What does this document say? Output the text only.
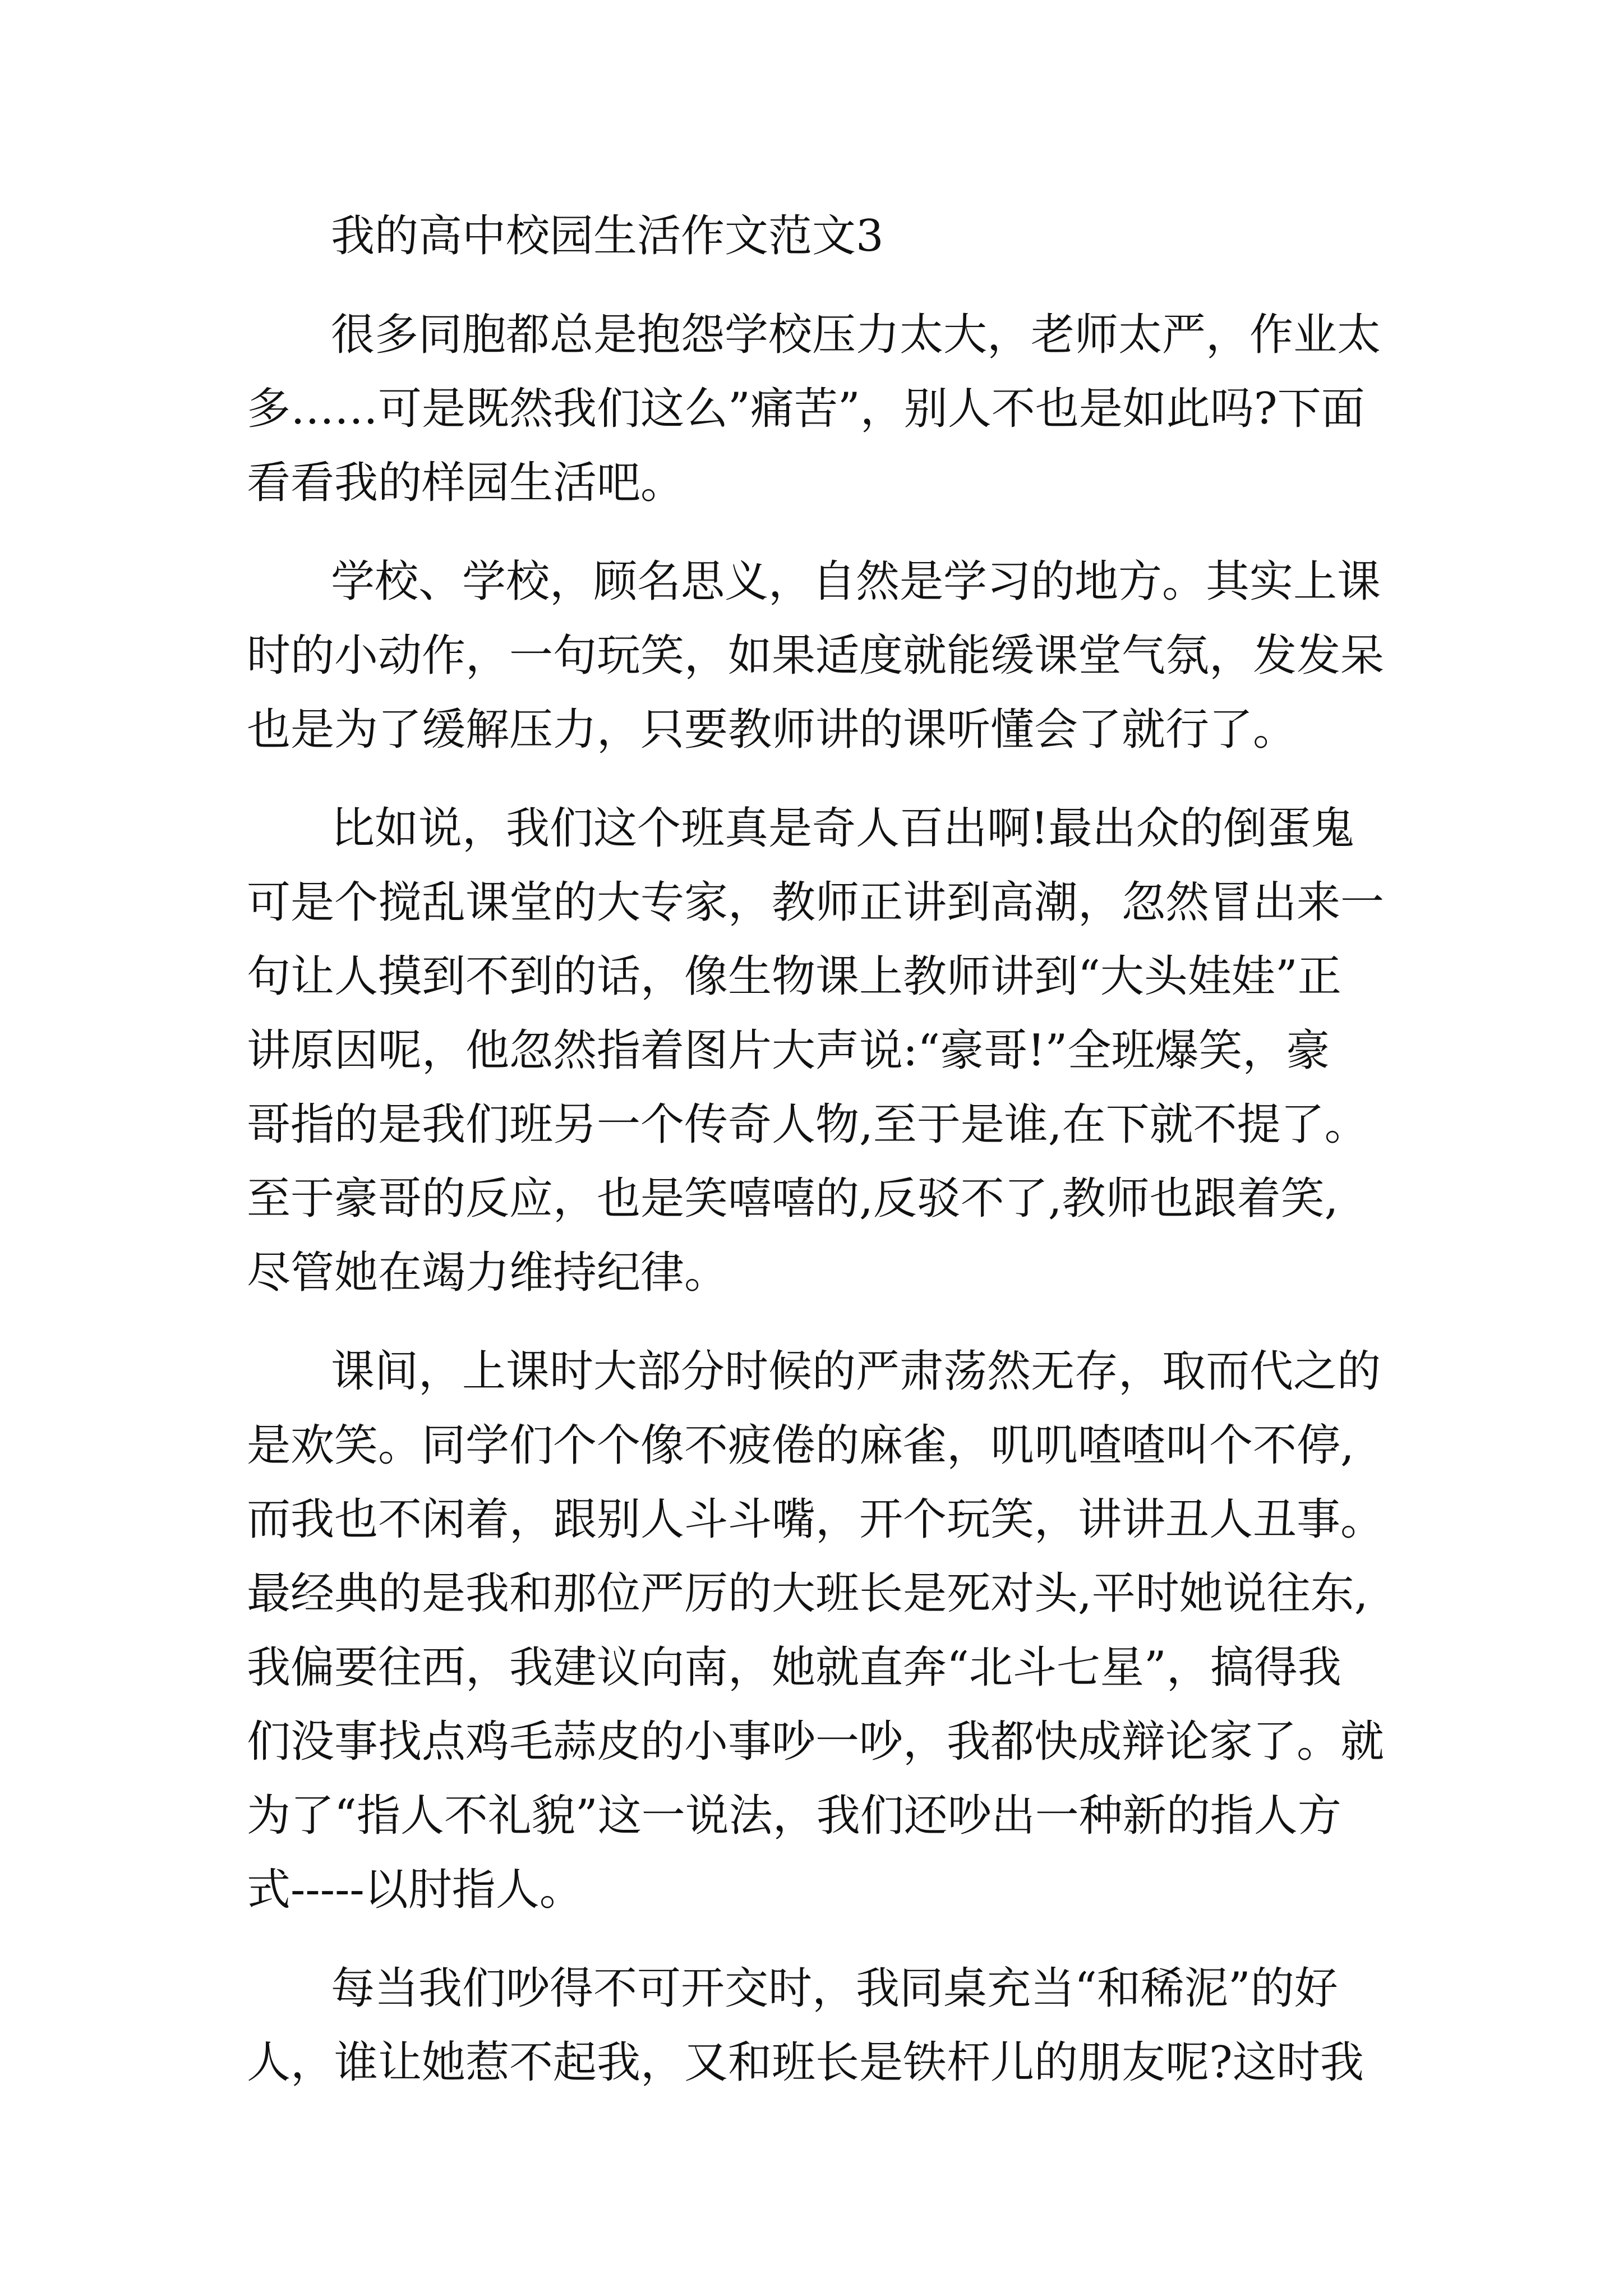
我的高中校园生活作文范文3
很多同胞都总是抱怨学校压力太大，老师太严，作业太
多……可是既然我们这么”痛苦”，别人不也是如此吗?下面
看看我的样园生活吧。
学校、学校，顾名思义，自然是学习的地方。其实上课
时的小动作，一句玩笑，如果适度就能缓课堂气氛，发发呆
也是为了缓解压力，只要教师讲的课听懂会了就行了。
比如说，我们这个班真是奇人百出啊!最出众的倒蛋鬼
可是个搅乱课堂的大专家，教师正讲到高潮，忽然冒出来一
句让人摸到不到的话，像生物课上教师讲到“大头娃娃”正
讲原因呢，他忽然指着图片大声说:“豪哥!”全班爆笑，豪
哥指的是我们班另一个传奇人物,至于是谁,在下就不提了。
至于豪哥的反应，也是笑嘻嘻的,反驳不了,教师也跟着笑,
尽管她在竭力维持纪律。
课间，上课时大部分时候的严肃荡然无存，取而代之的
是欢笑。同学们个个像不疲倦的麻雀，叽叽喳喳叫个不停,
而我也不闲着，跟别人斗斗嘴，开个玩笑，讲讲丑人丑事。
最经典的是我和那位严厉的大班长是死对头,平时她说往东,
我偏要往西，我建议向南，她就直奔“北斗七星”，搞得我
们没事找点鸡毛蒜皮的小事吵一吵，我都快成辩论家了。就
为了“指人不礼貌”这一说法，我们还吵出一种新的指人方
式-----以肘指人。
每当我们吵得不可开交时，我同桌充当“和稀泥”的好
人，谁让她惹不起我，又和班长是铁杆儿的朋友呢?这时我
